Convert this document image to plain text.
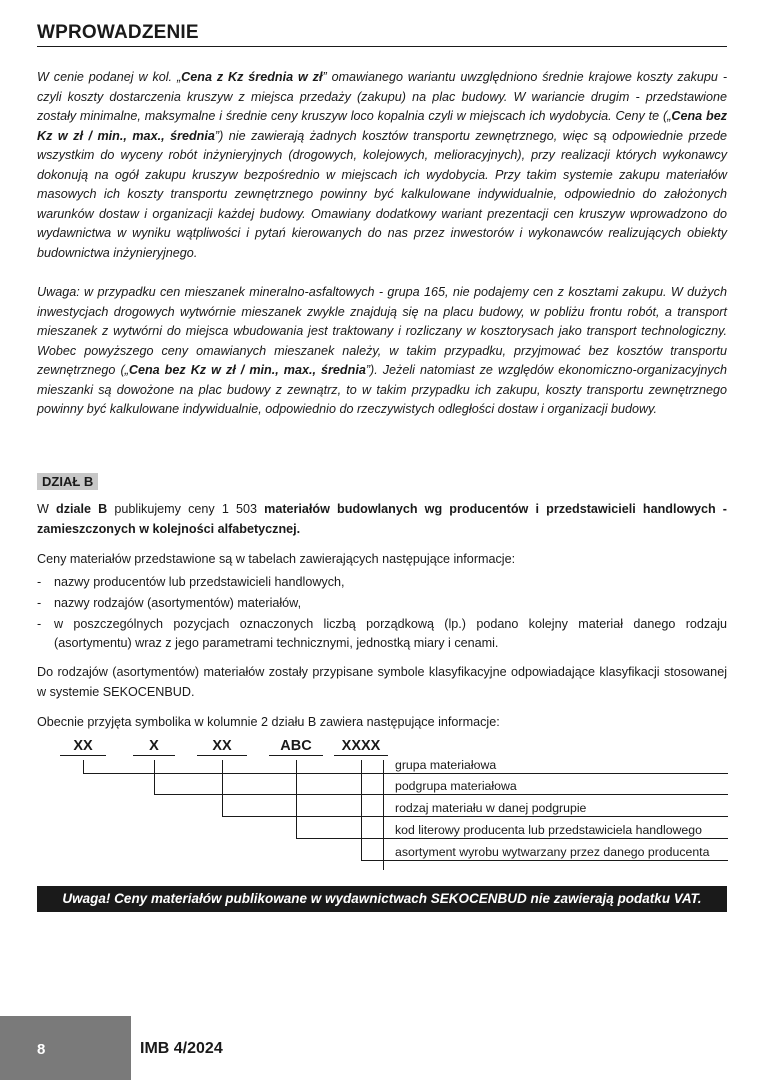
WPROWADZENIE
W cenie podanej w kol. „Cena z Kz średnia w zł” omawianego wariantu uwzględniono średnie krajowe koszty zakupu - czyli koszty dostarczenia kruszyw z miejsca przedaży (zakupu) na plac budowy. W wariancie drugim - przedstawione zostały minimalne, maksymalne i średnie ceny kruszyw loco kopalnia czyli w miejscach ich wydobycia. Ceny te („Cena bez Kz w zł / min., max., średnia”) nie zawierają żadnych kosztów transportu zewnętrznego, więc są odpowiednie przede wszystkim do wyceny robót inżynieryjnych (drogowych, kolejowych, melioracyjnych), przy realizacji których wykonawcy dokonują na ogół zakupu kruszyw bezpośrednio w miejscach ich wydobycia. Przy takim systemie zakupu materiałów masowych ich koszty transportu zewnętrznego powinny być kalkulowane indywidualnie, odpowiednio do założonych warunków dostaw i organizacji każdej budowy. Omawiany dodatkowy wariant prezentacji cen kruszyw wprowadzono do wydawnictwa w wyniku wątpliwości i pytań kierowanych do nas przez inwestorów i wykonawców realizujących obiekty budownictwa inżynieryjnego.
Uwaga: w przypadku cen mieszanek mineralno-asfaltowych - grupa 165, nie podajemy cen z kosztami zakupu. W dużych inwestycjach drogowych wytwórnie mieszanek zwykle znajdują się na placu budowy, w pobliżu frontu robót, a transport mieszanek z wytwórni do miejsca wbudowania jest traktowany i rozliczany w kosztorysach jako transport technologiczny. Wobec powyższego ceny omawianych mieszanek należy, w takim przypadku, przyjmować bez kosztów transportu zewnętrznego („Cena bez Kz w zł / min., max., średnia”). Jeżeli natomiast ze względów ekonomiczno-organizacyjnych mieszanki są dowożone na plac budowy z zewnątrz, to w takim przypadku ich zakupu, koszty transportu zewnętrznego powinny być kalkulowane indywidualnie, odpowiednio do rzeczywistych odległości dostaw i organizacji budowy.
DZIAŁ B
W dziale B publikujemy ceny 1 503 materiałów budowlanych wg producentów i przedstawicieli handlowych - zamieszczonych w kolejności alfabetycznej.
Ceny materiałów przedstawione są w tabelach zawierających następujące informacje:
- nazwy producentów lub przedstawicieli handlowych,
- nazwy rodzajów (asortymentów) materiałów,
- w poszczególnych pozycjach oznaczonych liczbą porządkową (lp.) podano kolejny materiał danego rodzaju (asortymentu) wraz z jego parametrami technicznymi, jednostką miary i cenami.
Do rodzajów (asortymentów) materiałów zostały przypisane symbole klasyfikacyjne odpowiadające klasyfikacji stosowanej w systemie SEKOCENBUD.
Obecnie przyjęta symbolika w kolumnie 2 działu B zawiera następujące informacje:
XX	X	XX	ABC	XXXX
grupa materiałowa
podgrupa materiałowa
rodzaj materiału w danej podgrupie
kod literowy producenta lub przedstawiciela handlowego
asortyment wyrobu wytwarzany przez danego producenta
Uwaga! Ceny materiałów publikowane w wydawnictwach SEKOCENBUD nie zawierają podatku VAT.
8	IMB 4/2024
